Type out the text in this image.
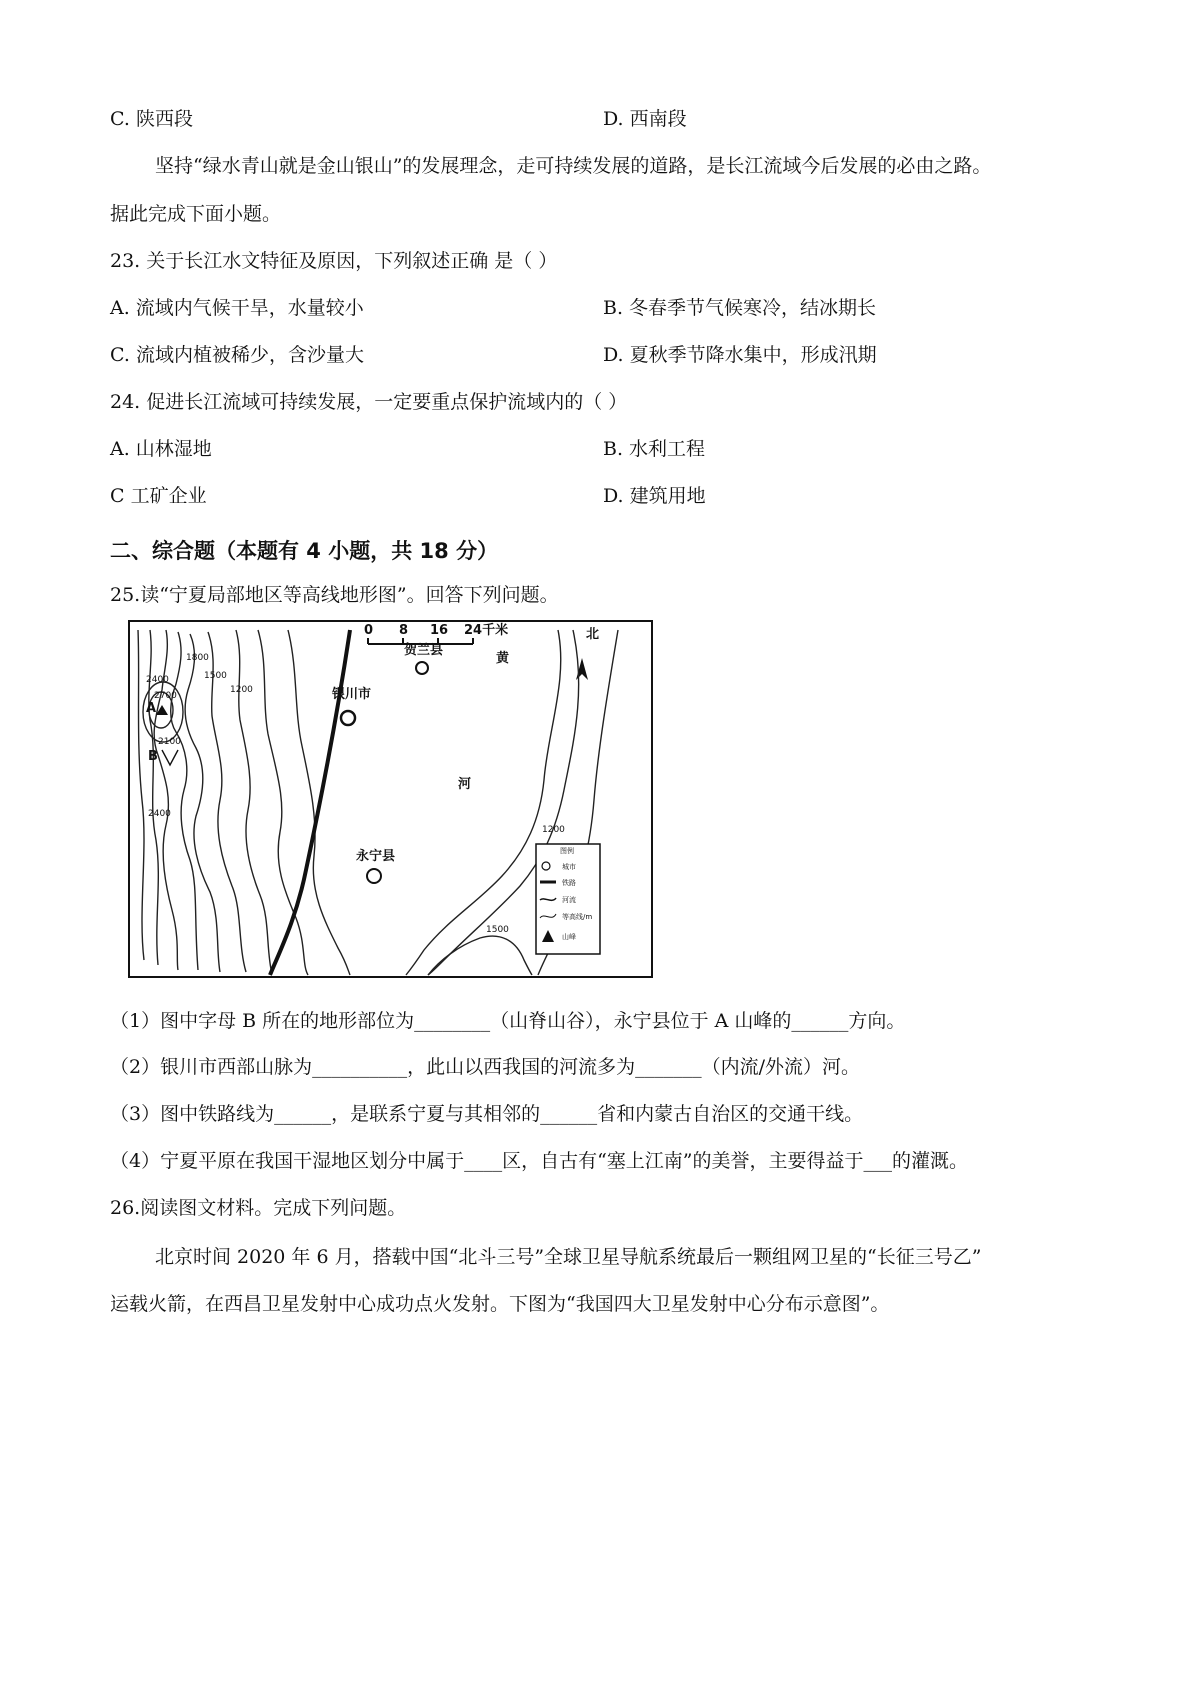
C. 陕西段	D. 西南段
坚持“绿水青山就是金山银山”的发展理念，走可持续发展的道路，是长江流域今后发展的必由之路。
据此完成下面小题。
23. 关于长江水文特征及原因，下列叙述正确 是（ ）
A. 流域内气候干旱，水量较小	B. 冬春季节气候寒冷，结冰期长
C. 流域内植被稀少，含沙量大	D. 夏秋季节降水集中，形成汛期
24. 促进长江流域可持续发展，一定要重点保护流域内的（ ）
A. 山林湿地	B. 水利工程
C 工矿企业	D. 建筑用地
二、综合题（本题有 4 小题，共 18 分）
25.读“宁夏局部地区等高线地形图”。回答下列问题。
A
B
1800
1500
1200
2400
2700
2100
2400
1200
1500
0 8 16 24千米	北
黄
河
贺兰县
银川市
永宁县	图例
城市
铁路
河流
等高线/m
山峰
（1）图中字母 B 所在的地形部位为________（山脊山谷），永宁县位于 A 山峰的______方向。
（2）银川市西部山脉为__________，此山以西我国的河流多为_______（内流/外流）河。
（3）图中铁路线为______，是联系宁夏与其相邻的______省和内蒙古自治区的交通干线。
（4）宁夏平原在我国干湿地区划分中属于____区，自古有“塞上江南”的美誉，主要得益于___的灌溉。
26.阅读图文材料。完成下列问题。
北京时间 2020 年 6 月，搭载中国“北斗三号”全球卫星导航系统最后一颗组网卫星的“长征三号乙”
运载火箭，在西昌卫星发射中心成功点火发射。下图为“我国四大卫星发射中心分布示意图”。
